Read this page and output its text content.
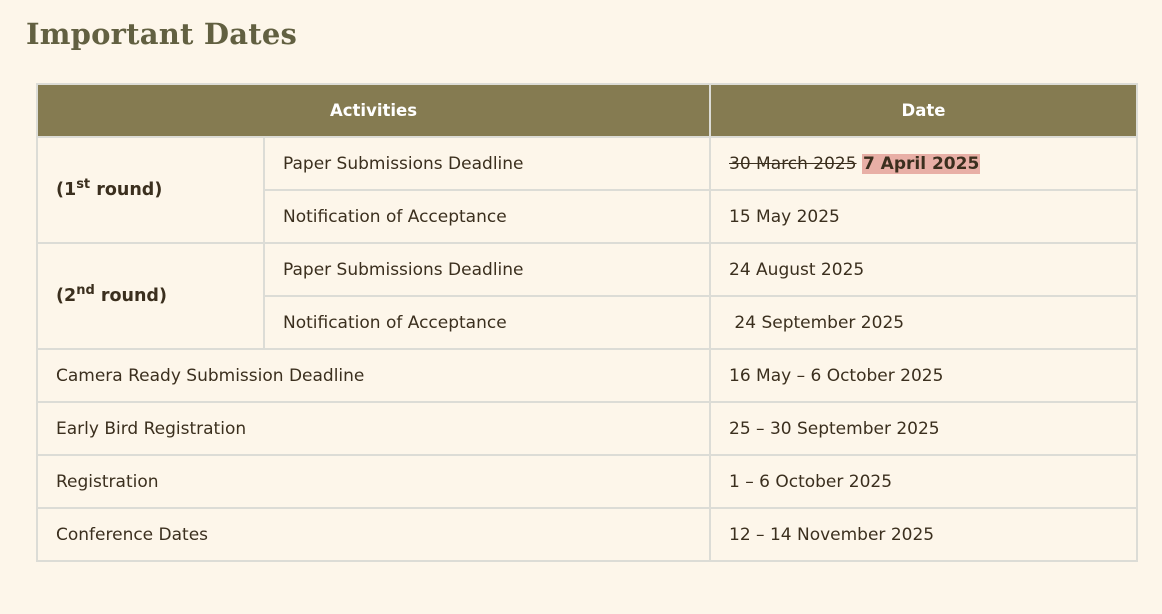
Important Dates
Activities		Date
(1st round)	Paper Submissions Deadline	30 March 2025 7 April 2025
	Notification of Acceptance	15 May 2025
(2nd round)	Paper Submissions Deadline	24 August 2025
	Notification of Acceptance	24 September 2025
Camera Ready Submission Deadline		16 May – 6 October 2025
Early Bird Registration		25 – 30 September 2025
Registration		1 – 6 October 2025
Conference Dates		12 – 14 November 2025
